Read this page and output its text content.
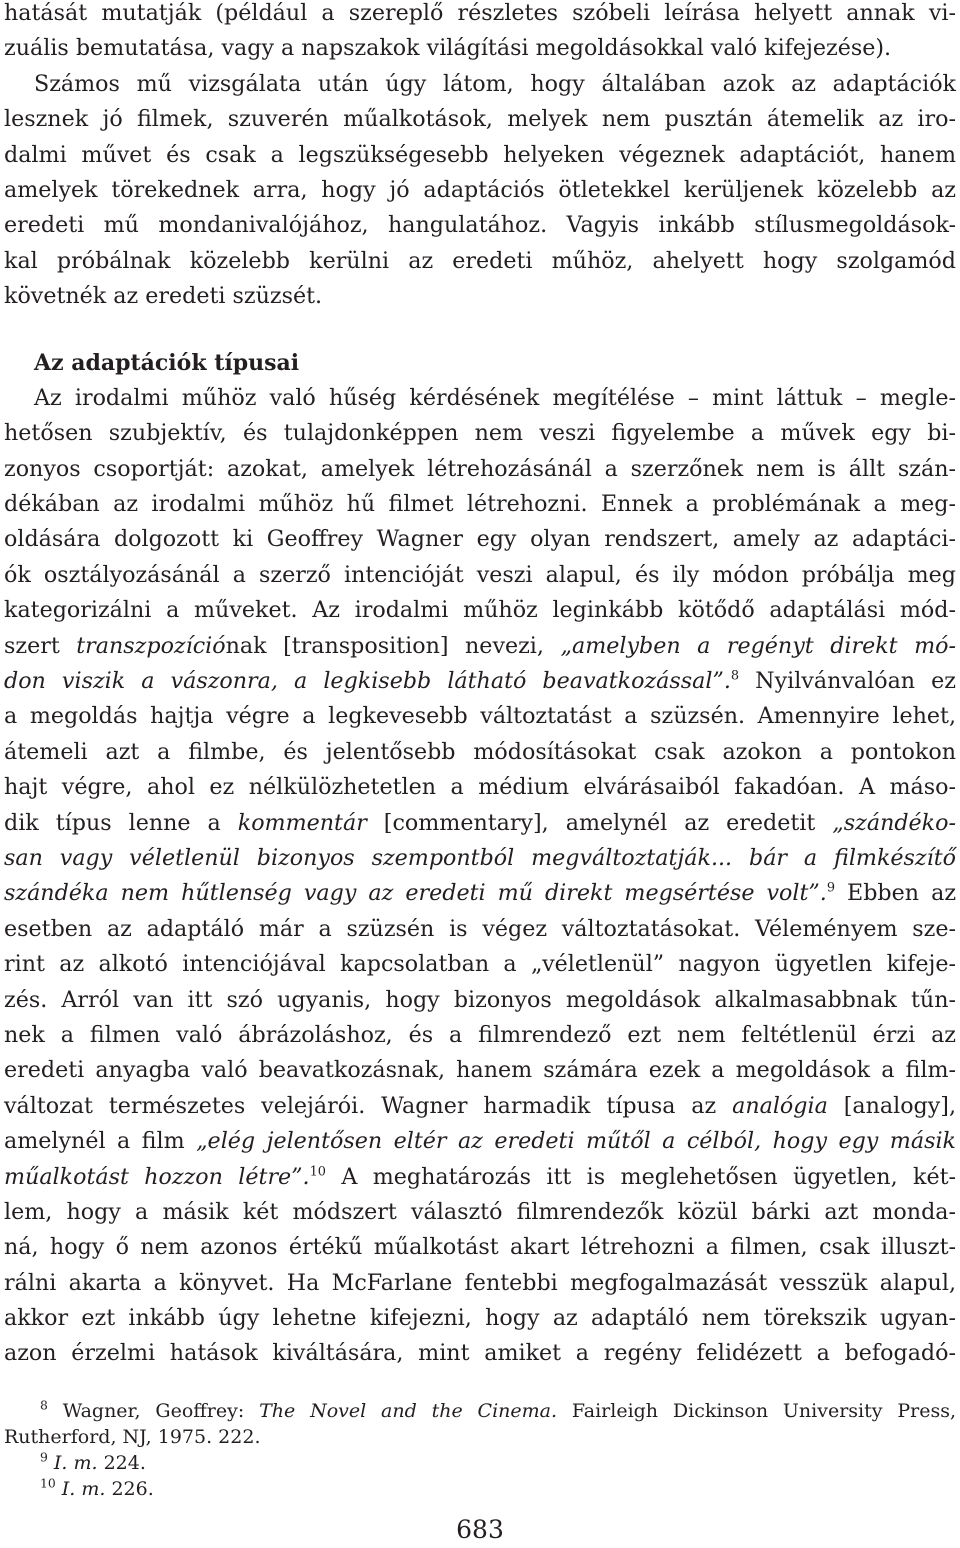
hatását mutatják (például a szereplő részletes szóbeli leírása helyett annak vi-
zuális bemutatása, vagy a napszakok világítási megoldásokkal való kifejezése).
Számos mű vizsgálata után úgy látom, hogy általában azok az adaptációk
lesznek jó filmek, szuverén műalkotások, melyek nem pusztán átemelik az iro-
dalmi művet és csak a legszükségesebb helyeken végeznek adaptációt, hanem
amelyek törekednek arra, hogy jó adaptációs ötletekkel kerüljenek közelebb az
eredeti mű mondanivalójához, hangulatához. Vagyis inkább stílusmegoldások-
kal próbálnak közelebb kerülni az eredeti műhöz, ahelyett hogy szolgamód
követnék az eredeti szüzsét.
Az adaptációk típusai
Az irodalmi műhöz való hűség kérdésének megítélése – mint láttuk – megle-
hetősen szubjektív, és tulajdonképpen nem veszi figyelembe a művek egy bi-
zonyos csoportját: azokat, amelyek létrehozásánál a szerzőnek nem is állt szán-
dékában az irodalmi műhöz hű filmet létrehozni. Ennek a problémának a meg-
oldására dolgozott ki Geoffrey Wagner egy olyan rendszert, amely az adaptáci-
ók osztályozásánál a szerző intencióját veszi alapul, és ily módon próbálja meg
kategorizálni a műveket. Az irodalmi műhöz leginkább kötődő adaptálási mód-
szert transzpozíciónak [transposition] nevezi, „amelyben a regényt direkt mó-
don viszik a vászonra, a legkisebb látható beavatkozással”.$^8$ Nyilvánvalóan ez
a megoldás hajtja végre a legkevesebb változtatást a szüzsén. Amennyire lehet,
átemeli azt a filmbe, és jelentősebb módosításokat csak azokon a pontokon
hajt végre, ahol ez nélkülözhetetlen a médium elvárásaiból fakadóan. A máso-
dik típus lenne a kommentár [commentary], amelynél az eredetit „szándéko-
san vagy véletlenül bizonyos szempontból megváltoztatják... bár a filmkészítő
szándéka nem hűtlenség vagy az eredeti mű direkt megsértése volt”.$^9$ Ebben az
esetben az adaptáló már a szüzsén is végez változtatásokat. Véleményem sze-
rint az alkotó intenciójával kapcsolatban a „véletlenül” nagyon ügyetlen kifeje-
zés. Arról van itt szó ugyanis, hogy bizonyos megoldások alkalmasabbnak tűn-
nek a filmen való ábrázoláshoz, és a filmrendező ezt nem feltétlenül érzi az
eredeti anyagba való beavatkozásnak, hanem számára ezek a megoldások a film-
változat természetes velejárói. Wagner harmadik típusa az analógia [analogy],
amelynél a film „elég jelentősen eltér az eredeti műtől a célból, hogy egy másik
műalkotást hozzon létre”.$^{10}$ A meghatározás itt is meglehetősen ügyetlen, két-
lem, hogy a másik két módszert választó filmrendezők közül bárki azt monda-
ná, hogy ő nem azonos értékű műalkotást akart létrehozni a filmen, csak illuszt-
rálni akarta a könyvet. Ha McFarlane fentebbi megfogalmazását vesszük alapul,
akkor ezt inkább úgy lehetne kifejezni, hogy az adaptáló nem törekszik ugyan-
azon érzelmi hatások kiváltására, mint amiket a regény felidézett a befogadó-
$^8$ Wagner, Geoffrey: The Novel and the Cinema. Fairleigh Dickinson University Press,
Rutherford, NJ, 1975. 222.
$^9$ I. m. 224.
$^{10}$ I. m. 226.
683
